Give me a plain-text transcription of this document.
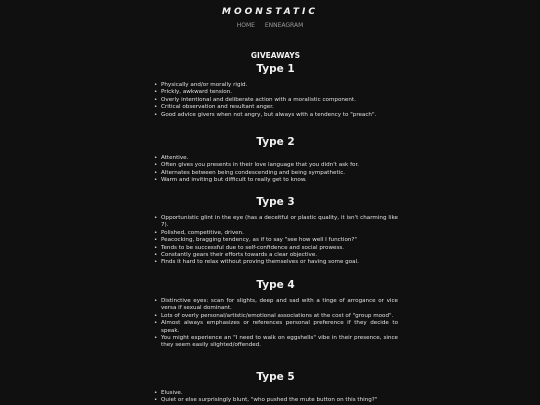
MOONSTATIC
HOME ENNEAGRAM
GIVEAWAYS
Type 1
• Physically and/or morally rigid.
• Prickly, awkward tension.
• Overly intentional and deliberate action with a moralistic component.
• Critical observation and resultant anger.
• Good advice givers when not angry, but always with a tendency to "preach".
Type 2
• Attentive.
• Often gives you presents in their love language that you didn't ask for.
• Alternates between being condescending and being sympathetic.
• Warm and inviting but difficult to really get to know.
Type 3
• Opportunistic glint in the eye (has a deceitful or plastic quality, it isn't charming like 7).
• Polished, competitive, driven.
• Peacocking, bragging tendency, as if to say "see how well I function?"
• Tends to be successful due to self-confidence and social prowess.
• Constantly gears their efforts towards a clear objective.
• Finds it hard to relax without proving themselves or having some goal.
Type 4
• Distinctive eyes: scan for slights, deep and sad with a tinge of arrogance or vice versa if sexual dominant.
• Lots of overly personal/artistic/emotional associations at the cost of "group mood".
• Almost always emphasizes or references personal preference if they decide to speak.
• You might experience an "I need to walk on eggshells" vibe in their presence, since they seem easily slighted/offended.
Type 5
• Elusive.
• Quiet or else surprisingly blunt, "who pushed the mute button on this thing?"
